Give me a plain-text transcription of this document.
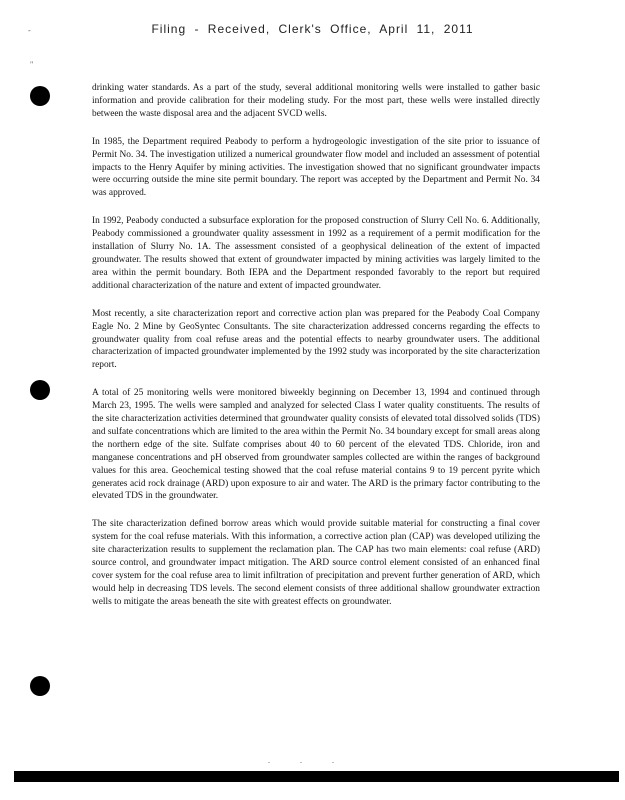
-	Filing - Received, Clerk's Office, April 11, 2011
"

drinking water standards. As a part of the study, several additional monitoring wells were installed to gather basic information and provide calibration for their modeling study. For the most part, these wells were installed directly between the waste disposal area and the adjacent SVCD wells.

In 1985, the Department required Peabody to perform a hydrogeologic investigation of the site prior to issuance of Permit No. 34. The investigation utilized a numerical groundwater flow model and included an assessment of potential impacts to the Henry Aquifer by mining activities. The investigation showed that no significant groundwater impacts were occurring outside the mine site permit boundary. The report was accepted by the Department and Permit No. 34 was approved.

In 1992, Peabody conducted a subsurface exploration for the proposed construction of Slurry Cell No. 6. Additionally, Peabody commissioned a groundwater quality assessment in 1992 as a requirement of a permit modification for the installation of Slurry No. 1A. The assessment consisted of a geophysical delineation of the extent of impacted groundwater. The results showed that extent of groundwater impacted by mining activities was largely limited to the area within the permit boundary. Both IEPA and the Department responded favorably to the report but required additional characterization of the nature and extent of impacted groundwater.

Most recently, a site characterization report and corrective action plan was prepared for the Peabody Coal Company Eagle No. 2 Mine by GeoSyntec Consultants. The site characterization addressed concerns regarding the effects to groundwater quality from coal refuse areas and the potential effects to nearby groundwater users. The additional characterization of impacted groundwater implemented by the 1992 study was incorporated by the site characterization report.

A total of 25 monitoring wells were monitored biweekly beginning on December 13, 1994 and continued through March 23, 1995. The wells were sampled and analyzed for selected Class I water quality constituents. The results of the site characterization activities determined that groundwater quality consists of elevated total dissolved solids (TDS) and sulfate concentrations which are limited to the area within the Permit No. 34 boundary except for small areas along the northern edge of the site. Sulfate comprises about 40 to 60 percent of the elevated TDS. Chloride, iron and manganese concentrations and pH observed from groundwater samples collected are within the ranges of background values for this area. Geochemical testing showed that the coal refuse material contains 9 to 19 percent pyrite which generates acid rock drainage (ARD) upon exposure to air and water. The ARD is the primary factor contributing to the elevated TDS in the groundwater.

The site characterization defined borrow areas which would provide suitable material for constructing a final cover system for the coal refuse materials. With this information, a corrective action plan (CAP) was developed utilizing the site characterization results to supplement the reclamation plan. The CAP has two main elements: coal refuse (ARD) source control, and groundwater impact mitigation. The ARD source control element consisted of an enhanced final cover system for the coal refuse area to limit infiltration of precipitation and prevent further generation of ARD, which would help in decreasing TDS levels. The second element consists of three additional shallow groundwater extraction wells to mitigate the areas beneath the site with greatest effects on groundwater.

. . .
